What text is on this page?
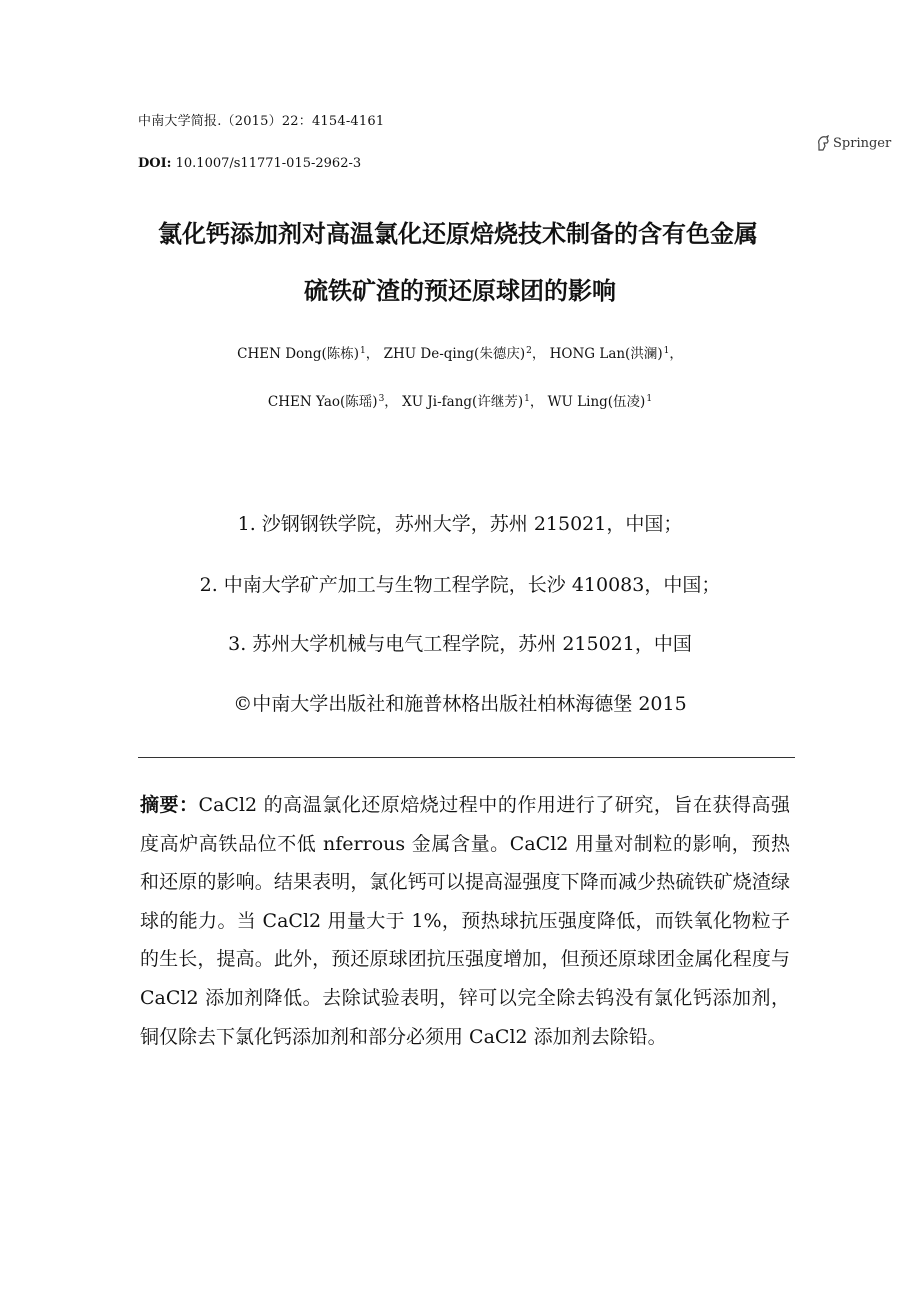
中南大学简报.（2015）22：4154-4161
DOI: 10.1007/s11771-015-2962-3
Springer
氯化钙添加剂对高温氯化还原焙烧技术制备的含有色金属
硫铁矿渣的预还原球团的影响
CHEN Dong(陈栋)$^1$， ZHU De-qing(朱德庆)$^2$， HONG Lan(洪澜)$^1$，
CHEN Yao(陈瑶)$^3$， XU Ji-fang(许继芳)$^1$， WU Ling(伍凌)$^1$
1. 沙钢钢铁学院，苏州大学，苏州 215021，中国；
2. 中南大学矿产加工与生物工程学院，长沙 410083，中国；
3. 苏州大学机械与电气工程学院，苏州 215021，中国
©中南大学出版社和施普林格出版社柏林海德堡 2015
摘要：CaCl2 的高温氯化还原焙烧过程中的作用进行了研究，旨在获得高强度高炉高铁品位不低 nferrous 金属含量。CaCl2 用量对制粒的影响，预热和还原的影响。结果表明，氯化钙可以提高湿强度下降而减少热硫铁矿烧渣绿球的能力。当 CaCl2 用量大于 1%，预热球抗压强度降低，而铁氧化物粒子的生长，提高。此外，预还原球团抗压强度增加，但预还原球团金属化程度与 CaCl2 添加剂降低。去除试验表明，锌可以完全除去钨没有氯化钙添加剂，铜仅除去下氯化钙添加剂和部分必须用 CaCl2 添加剂去除铅。
